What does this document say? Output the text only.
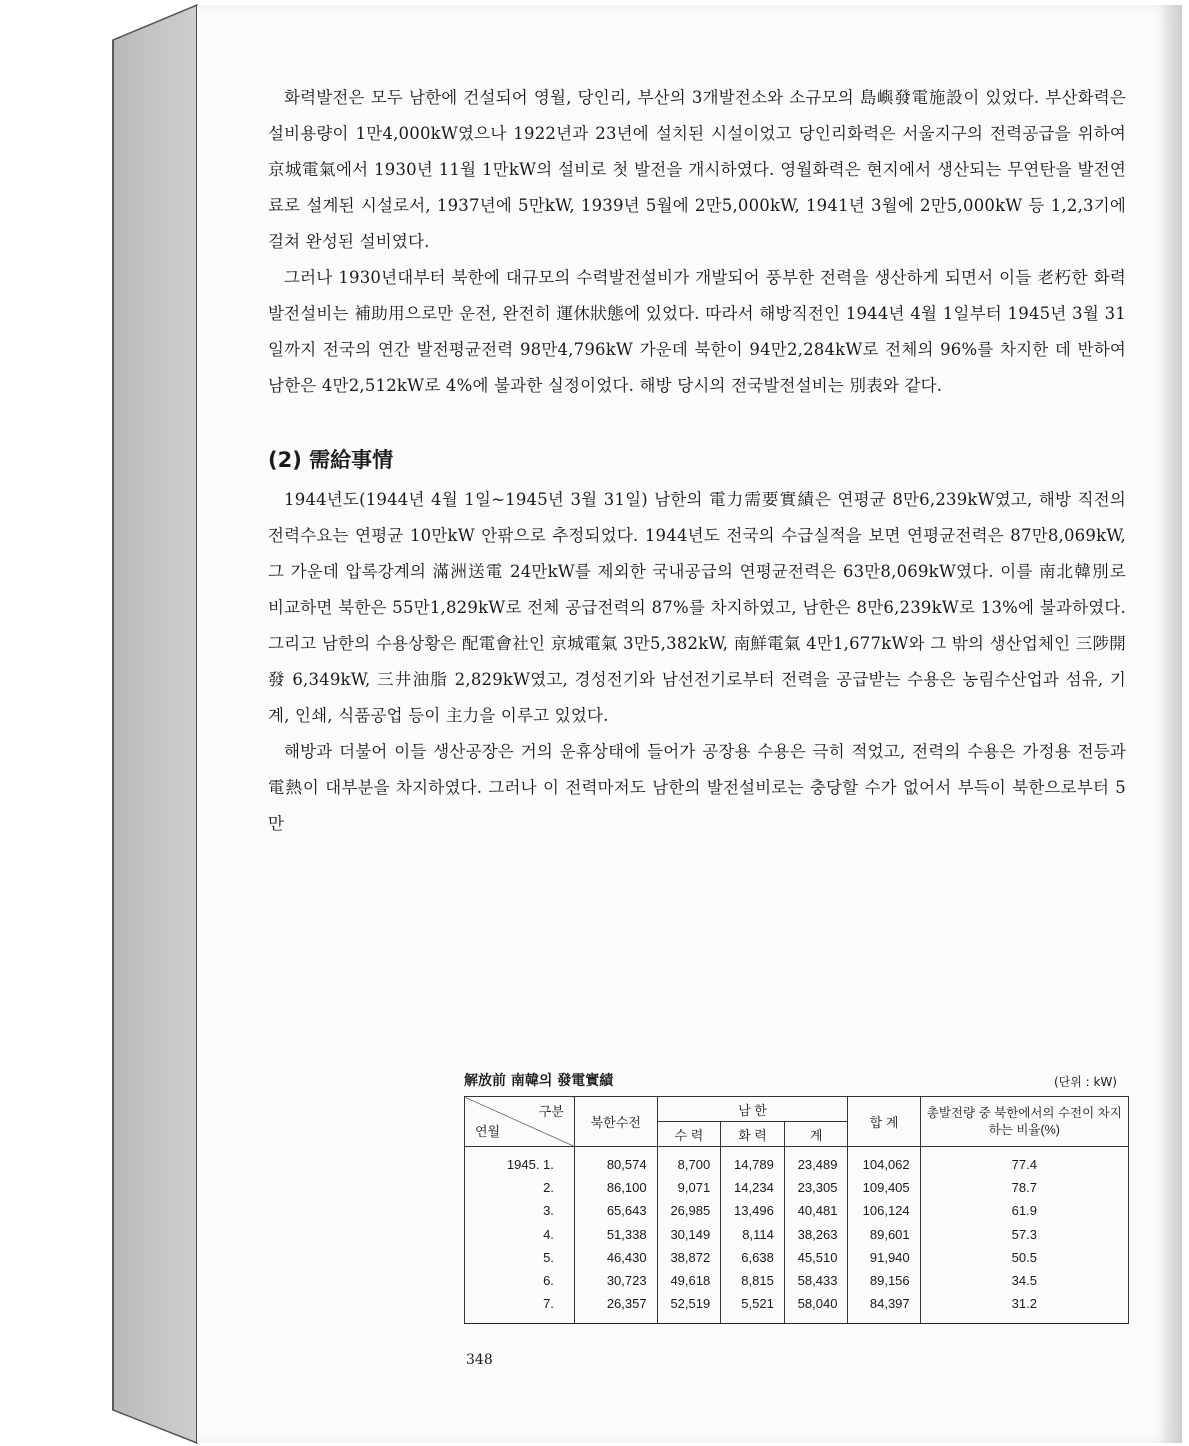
화력발전은 모두 남한에 건설되어 영월, 당인리, 부산의 3개발전소와 소규모의 島嶼發電施設이 있었다. 부산화력은 설비용량이 1만4,000kW였으나 1922년과 23년에 설치된 시설이었고 당인리화력은 서울지구의 전력공급을 위하여 京城電氣에서 1930년 11월 1만kW의 설비로 첫 발전을 개시하였다. 영월화력은 현지에서 생산되는 무연탄을 발전연료로 설계된 시설로서, 1937년에 5만kW, 1939년 5월에 2만5,000kW, 1941년 3월에 2만5,000kW 등 1,2,3기에 걸쳐 완성된 설비였다.

그러나 1930년대부터 북한에 대규모의 수력발전설비가 개발되어 풍부한 전력을 생산하게 되면서 이들 老朽한 화력발전설비는 補助用으로만 운전, 완전히 運休狀態에 있었다. 따라서 해방직전인 1944년 4월 1일부터 1945년 3월 31일까지 전국의 연간 발전평균전력 98만4,796kW 가운데 북한이 94만2,284kW로 전체의 96%를 차지한 데 반하여 남한은 4만2,512kW로 4%에 불과한 실정이었다. 해방 당시의 전국발전설비는 別表와 같다.

(2) 需給事情

1944년도(1944년 4월 1일~1945년 3월 31일) 남한의 電力需要實績은 연평균 8만6,239kW였고, 해방 직전의 전력수요는 연평균 10만kW 안팎으로 추정되었다. 1944년도 전국의 수급실적을 보면 연평균전력은 87만8,069kW, 그 가운데 압록강계의 滿洲送電 24만kW를 제외한 국내공급의 연평균전력은 63만8,069kW였다. 이를 南北韓別로 비교하면 북한은 55만1,829kW로 전체 공급전력의 87%를 차지하였고, 남한은 8만6,239kW로 13%에 불과하였다. 그리고 남한의 수용상황은 配電會社인 京城電氣 3만5,382kW, 南鮮電氣 4만1,677kW와 그 밖의 생산업체인 三陟開發 6,349kW, 三井油脂 2,829kW였고, 경성전기와 남선전기로부터 전력을 공급받는 수용은 농림수산업과 섬유, 기계, 인쇄, 식품공업 등이 主力을 이루고 있었다.

해방과 더불어 이들 생산공장은 거의 운휴상태에 들어가 공장용 수용은 극히 적었고, 전력의 수용은 가정용 전등과 電熱이 대부분을 차지하였다. 그러나 이 전력마저도 남한의 발전설비로는 충당할 수가 없어서 부득이 북한으로부터 5만

解放前 南韓의 發電實績	(단위 : kW)
구분
연월	북한수전	남 한			합 계	총발전량 중 북한에서의 수전이 차지하는 비율(%)
		수 력	화 력	계		
1945. 1.	80,574	8,700	14,789	23,489	104,062	77.4
2.	86,100	9,071	14,234	23,305	109,405	78.7
3.	65,643	26,985	13,496	40,481	106,124	61.9
4.	51,338	30,149	8,114	38,263	89,601	57.3
5.	46,430	38,872	6,638	45,510	91,940	50.5
6.	30,723	49,618	8,815	58,433	89,156	34.5
7.	26,357	52,519	5,521	58,040	84,397	31.2
348
